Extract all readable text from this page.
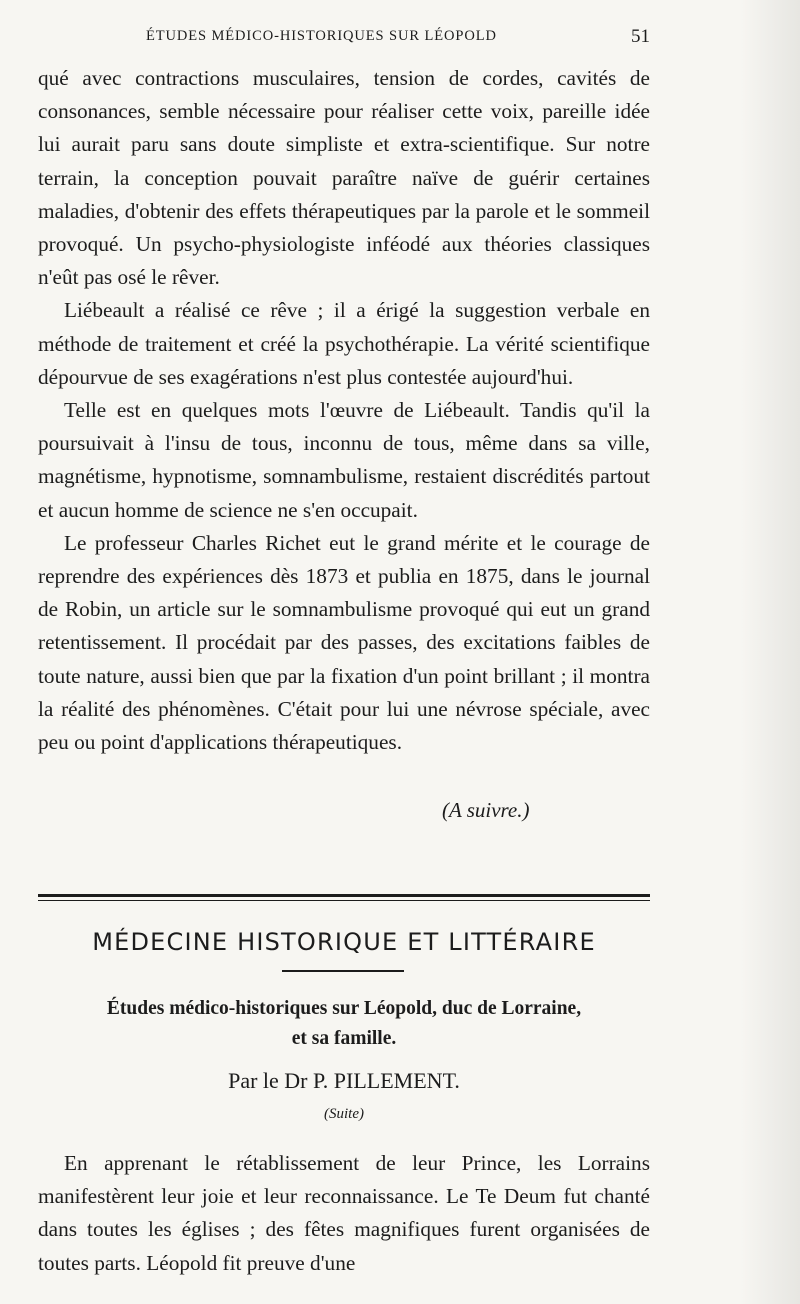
ÉTUDES MÉDICO-HISTORIQUES SUR LÉOPOLD	51

qué avec contractions musculaires, tension de cordes, cavités de consonances, semble nécessaire pour réaliser cette voix, pareille idée lui aurait paru sans doute simpliste et extra-scientifique. Sur notre terrain, la conception pouvait paraître naïve de guérir certaines maladies, d'obtenir des effets thérapeutiques par la parole et le sommeil provoqué. Un psycho-physiologiste inféodé aux théories classiques n'eût pas osé le rêver.

Liébeault a réalisé ce rêve ; il a érigé la suggestion verbale en méthode de traitement et créé la psychothérapie. La vérité scientifique dépourvue de ses exagérations n'est plus contestée aujourd'hui.

Telle est en quelques mots l'œuvre de Liébeault. Tandis qu'il la poursuivait à l'insu de tous, inconnu de tous, même dans sa ville, magnétisme, hypnotisme, somnambulisme, restaient discrédités partout et aucun homme de science ne s'en occupait.

Le professeur Charles Richet eut le grand mérite et le courage de reprendre des expériences dès 1873 et publia en 1875, dans le journal de Robin, un article sur le somnambulisme provoqué qui eut un grand retentissement. Il procédait par des passes, des excitations faibles de toute nature, aussi bien que par la fixation d'un point brillant ; il montra la réalité des phénomènes. C'était pour lui une névrose spéciale, avec peu ou point d'applications thérapeutiques.

(A suivre.)
MÉDECINE HISTORIQUE ET LITTÉRAIRE
Études médico-historiques sur Léopold, duc de Lorraine,
et sa famille.
Par le Dr P. PILLEMENT.
(Suite)

En apprenant le rétablissement de leur Prince, les Lorrains manifestèrent leur joie et leur reconnaissance. Le Te Deum fut chanté dans toutes les églises ; des fêtes magnifiques furent organisées de toutes parts. Léopold fit preuve d'une
